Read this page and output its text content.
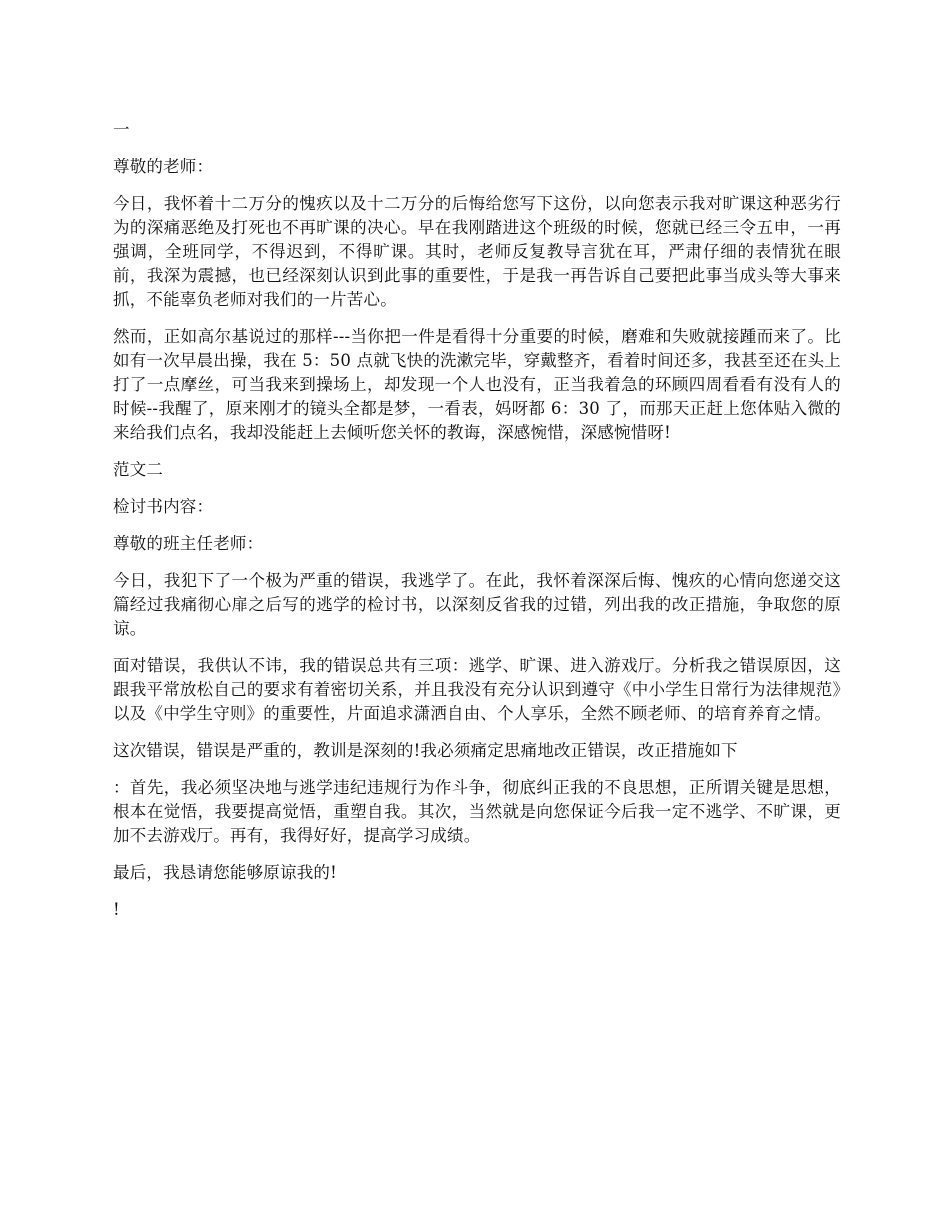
一

尊敬的老师：

今日，我怀着十二万分的愧疚以及十二万分的后悔给您写下这份，以向您表示我对旷课这种恶劣行为的深痛恶绝及打死也不再旷课的决心。早在我刚踏进这个班级的时候，您就已经三令五申，一再强调，全班同学，不得迟到，不得旷课。其时，老师反复教导言犹在耳，严肃仔细的表情犹在眼前，我深为震撼，也已经深刻认识到此事的重要性，于是我一再告诉自己要把此事当成头等大事来抓，不能辜负老师对我们的一片苦心。

然而，正如高尔基说过的那样---当你把一件是看得十分重要的时候，磨难和失败就接踵而来了。比如有一次早晨出操，我在 5：50 点就飞快的洗漱完毕，穿戴整齐，看着时间还多，我甚至还在头上打了一点摩丝，可当我来到操场上，却发现一个人也没有，正当我着急的环顾四周看看有没有人的时候--我醒了，原来刚才的镜头全都是梦，一看表，妈呀都 6：30 了，而那天正赶上您体贴入微的来给我们点名，我却没能赶上去倾听您关怀的教诲，深感惋惜，深感惋惜呀!

范文二

检讨书内容：

尊敬的班主任老师：

今日，我犯下了一个极为严重的错误，我逃学了。在此，我怀着深深后悔、愧疚的心情向您递交这篇经过我痛彻心扉之后写的逃学的检讨书，以深刻反省我的过错，列出我的改正措施，争取您的原谅。

面对错误，我供认不讳，我的错误总共有三项：逃学、旷课、进入游戏厅。分析我之错误原因，这跟我平常放松自己的要求有着密切关系，并且我没有充分认识到遵守《中小学生日常行为法律规范》以及《中学生守则》的重要性，片面追求潇洒自由、个人享乐，全然不顾老师、的培育养育之情。

这次错误，错误是严重的，教训是深刻的!我必须痛定思痛地改正错误，改正措施如下

：首先，我必须坚决地与逃学违纪违规行为作斗争，彻底纠正我的不良思想，正所谓关键是思想，根本在觉悟，我要提高觉悟，重塑自我。其次，当然就是向您保证今后我一定不逃学、不旷课，更加不去游戏厅。再有，我得好好，提高学习成绩。

最后，我恳请您能够原谅我的!

!
